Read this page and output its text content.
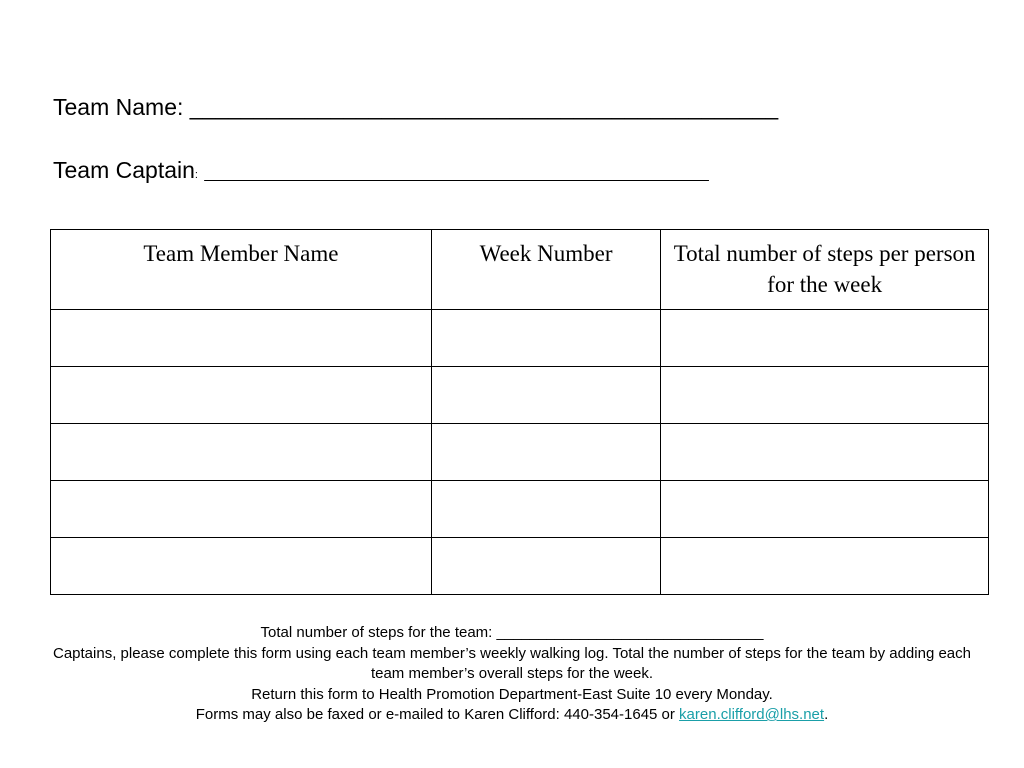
Team Name: ______________________________________________
Team Captain: ____________________________________________________________
Team Member Name	Week Number	Total number of steps per person for the week

Total number of steps for the team: ________________________________

Captains, please complete this form using each team member’s weekly walking log. Total the number of steps for the team by adding each team member’s overall steps for the week.

Return this form to Health Promotion Department-East Suite 10 every Monday.

Forms may also be faxed or e-mailed to Karen Clifford: 440-354-1645 or karen.clifford@lhs.net.
